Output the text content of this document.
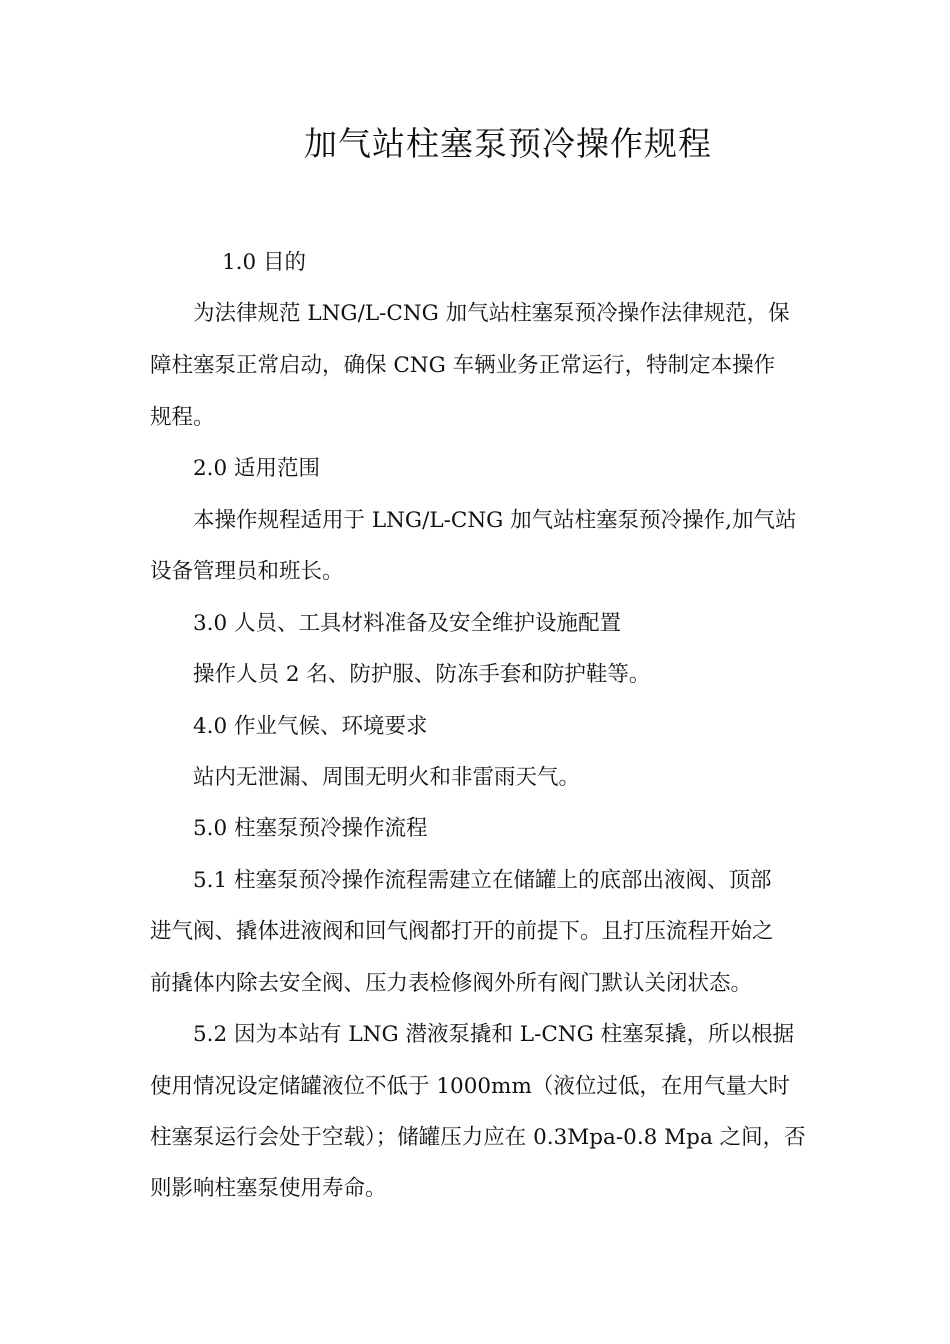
加气站柱塞泵预冷操作规程
1.0 目的
为法律规范 LNG/L-CNG 加气站柱塞泵预冷操作法律规范，保
障柱塞泵正常启动，确保 CNG 车辆业务正常运行，特制定本操作
规程。
2.0 适用范围
本操作规程适用于 LNG/L-CNG 加气站柱塞泵预冷操作,加气站
设备管理员和班长。
3.0 人员、工具材料准备及安全维护设施配置
操作人员 2 名、防护服、防冻手套和防护鞋等。
4.0 作业气候、环境要求
站内无泄漏、周围无明火和非雷雨天气。
5.0 柱塞泵预冷操作流程
5.1 柱塞泵预冷操作流程需建立在储罐上的底部出液阀、顶部
进气阀、撬体进液阀和回气阀都打开的前提下。且打压流程开始之
前撬体内除去安全阀、压力表检修阀外所有阀门默认关闭状态。
5.2 因为本站有 LNG 潜液泵撬和 L-CNG 柱塞泵撬，所以根据
使用情况设定储罐液位不低于 1000mm（液位过低，在用气量大时
柱塞泵运行会处于空载）；储罐压力应在 0.3Mpa-0.8 Mpa 之间，否
则影响柱塞泵使用寿命。
